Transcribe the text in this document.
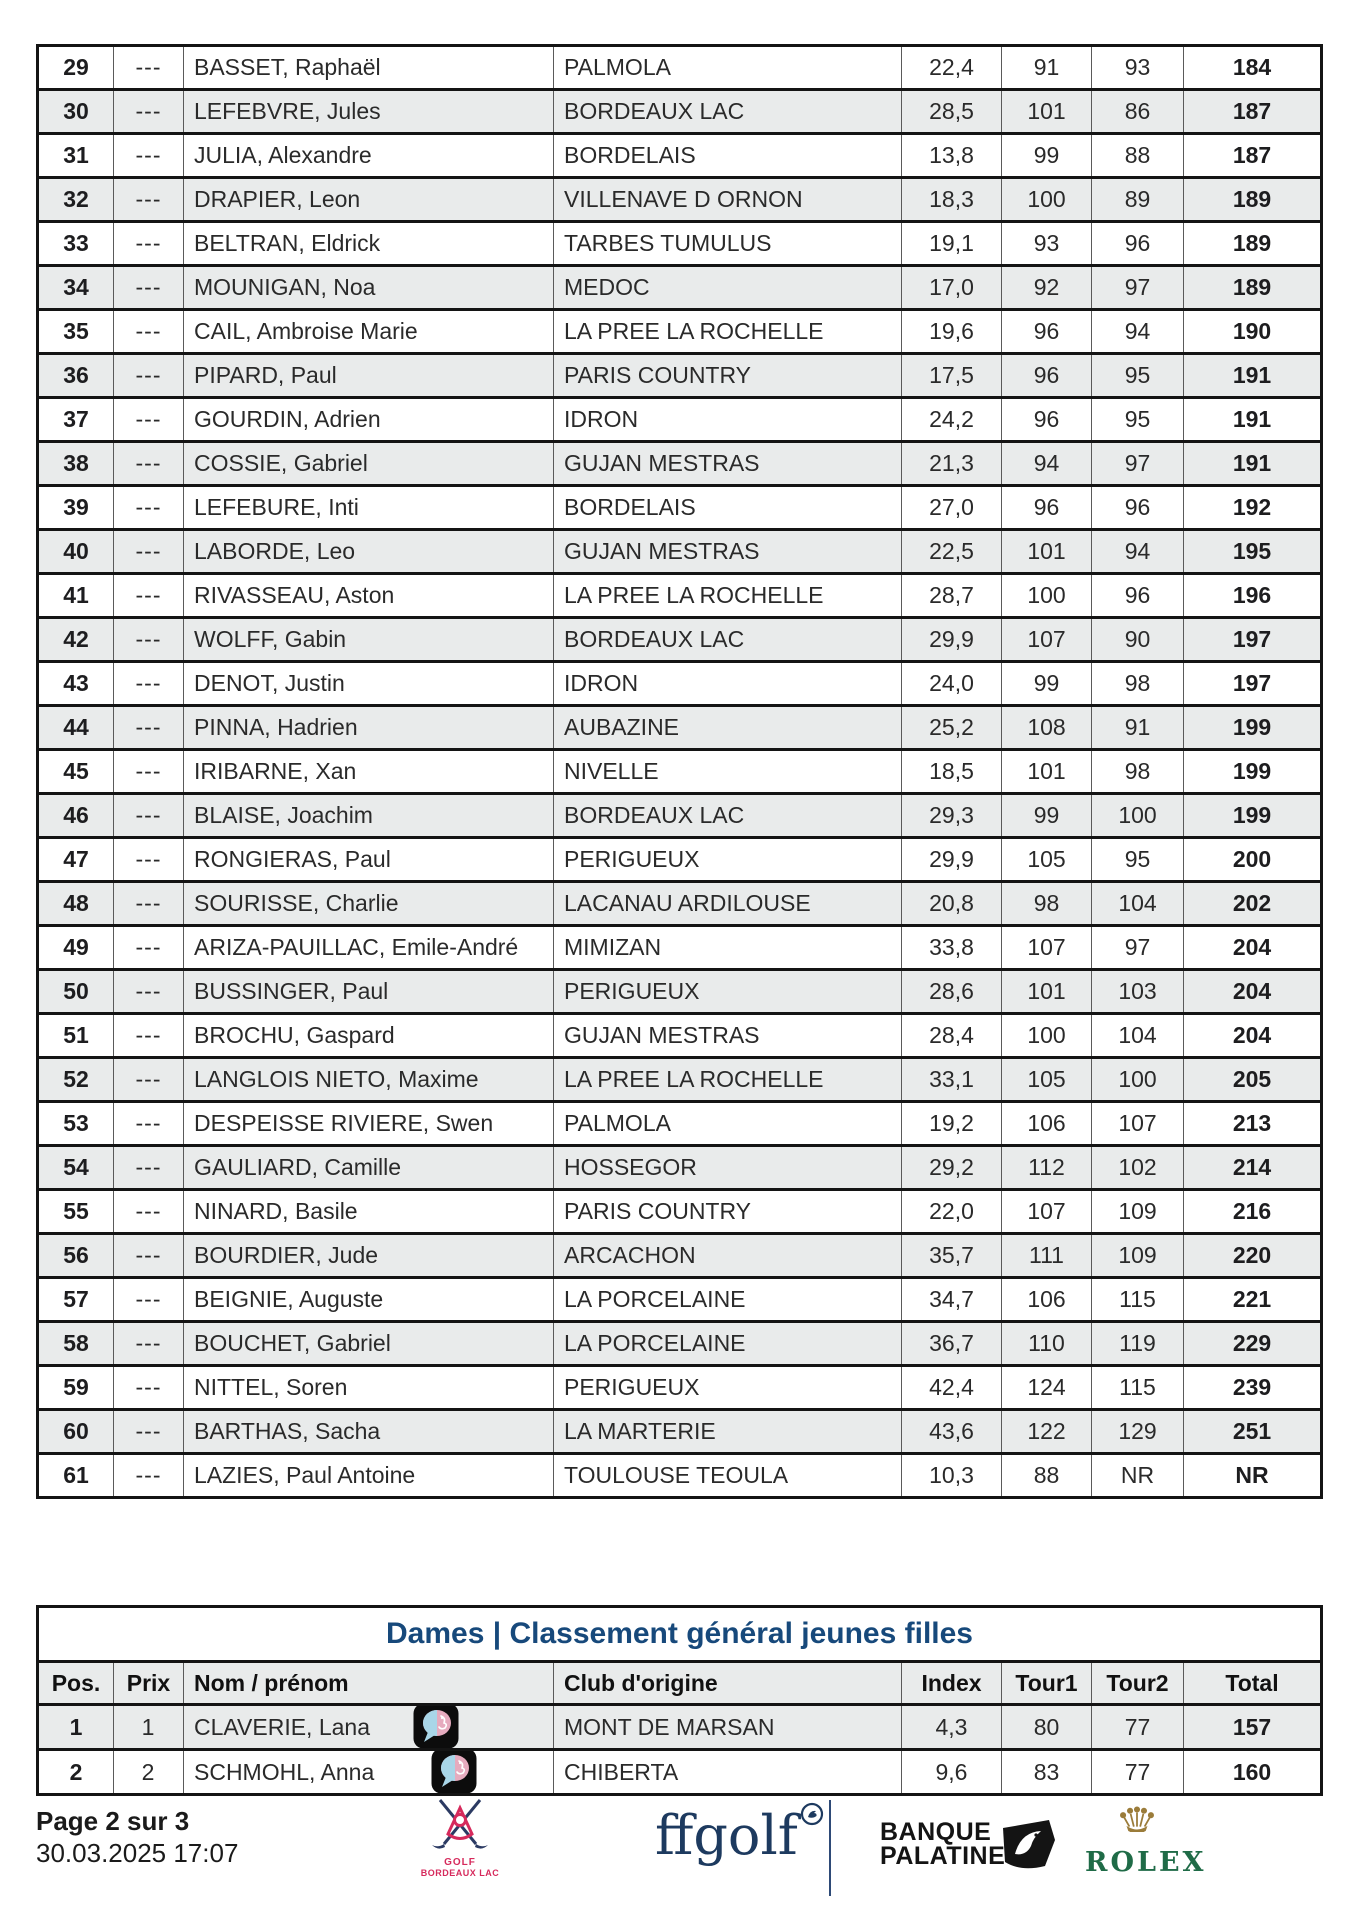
29	---	BASSET, Raphaël	PALMOLA	22,4	91	93	184
30	---	LEFEBVRE, Jules	BORDEAUX LAC	28,5	101	86	187
31	---	JULIA, Alexandre	BORDELAIS	13,8	99	88	187
32	---	DRAPIER, Leon	VILLENAVE D ORNON	18,3	100	89	189
33	---	BELTRAN, Eldrick	TARBES TUMULUS	19,1	93	96	189
34	---	MOUNIGAN, Noa	MEDOC	17,0	92	97	189
35	---	CAIL, Ambroise Marie	LA PREE LA ROCHELLE	19,6	96	94	190
36	---	PIPARD, Paul	PARIS COUNTRY	17,5	96	95	191
37	---	GOURDIN, Adrien	IDRON	24,2	96	95	191
38	---	COSSIE, Gabriel	GUJAN MESTRAS	21,3	94	97	191
39	---	LEFEBURE, Inti	BORDELAIS	27,0	96	96	192
40	---	LABORDE, Leo	GUJAN MESTRAS	22,5	101	94	195
41	---	RIVASSEAU, Aston	LA PREE LA ROCHELLE	28,7	100	96	196
42	---	WOLFF, Gabin	BORDEAUX LAC	29,9	107	90	197
43	---	DENOT, Justin	IDRON	24,0	99	98	197
44	---	PINNA, Hadrien	AUBAZINE	25,2	108	91	199
45	---	IRIBARNE, Xan	NIVELLE	18,5	101	98	199
46	---	BLAISE, Joachim	BORDEAUX LAC	29,3	99	100	199
47	---	RONGIERAS, Paul	PERIGUEUX	29,9	105	95	200
48	---	SOURISSE, Charlie	LACANAU ARDILOUSE	20,8	98	104	202
49	---	ARIZA-PAUILLAC, Emile-André	MIMIZAN	33,8	107	97	204
50	---	BUSSINGER, Paul	PERIGUEUX	28,6	101	103	204
51	---	BROCHU, Gaspard	GUJAN MESTRAS	28,4	100	104	204
52	---	LANGLOIS NIETO, Maxime	LA PREE LA ROCHELLE	33,1	105	100	205
53	---	DESPEISSE RIVIERE, Swen	PALMOLA	19,2	106	107	213
54	---	GAULIARD, Camille	HOSSEGOR	29,2	112	102	214
55	---	NINARD, Basile	PARIS COUNTRY	22,0	107	109	216
56	---	BOURDIER, Jude	ARCACHON	35,7	111	109	220
57	---	BEIGNIE, Auguste	LA PORCELAINE	34,7	106	115	221
58	---	BOUCHET, Gabriel	LA PORCELAINE	36,7	110	119	229
59	---	NITTEL, Soren	PERIGUEUX	42,4	124	115	239
60	---	BARTHAS, Sacha	LA MARTERIE	43,6	122	129	251
61	---	LAZIES, Paul Antoine	TOULOUSE TEOULA	10,3	88	NR	NR
Dames | Classement général jeunes filles							
Pos.	Prix	Nom / prénom	Club d'origine	Index	Tour1	Tour2	Total
1	1	CLAVERIE, Lana	MONT DE MARSAN	4,3	80	77	157
2	2	SCHMOHL, Anna	CHIBERTA	9,6	83	77	160
Page 2 sur 3
30.03.2025 17:07	GOLF
BORDEAUX LAC
ffgolf	BANQUE
PALATINE	ROLEX
